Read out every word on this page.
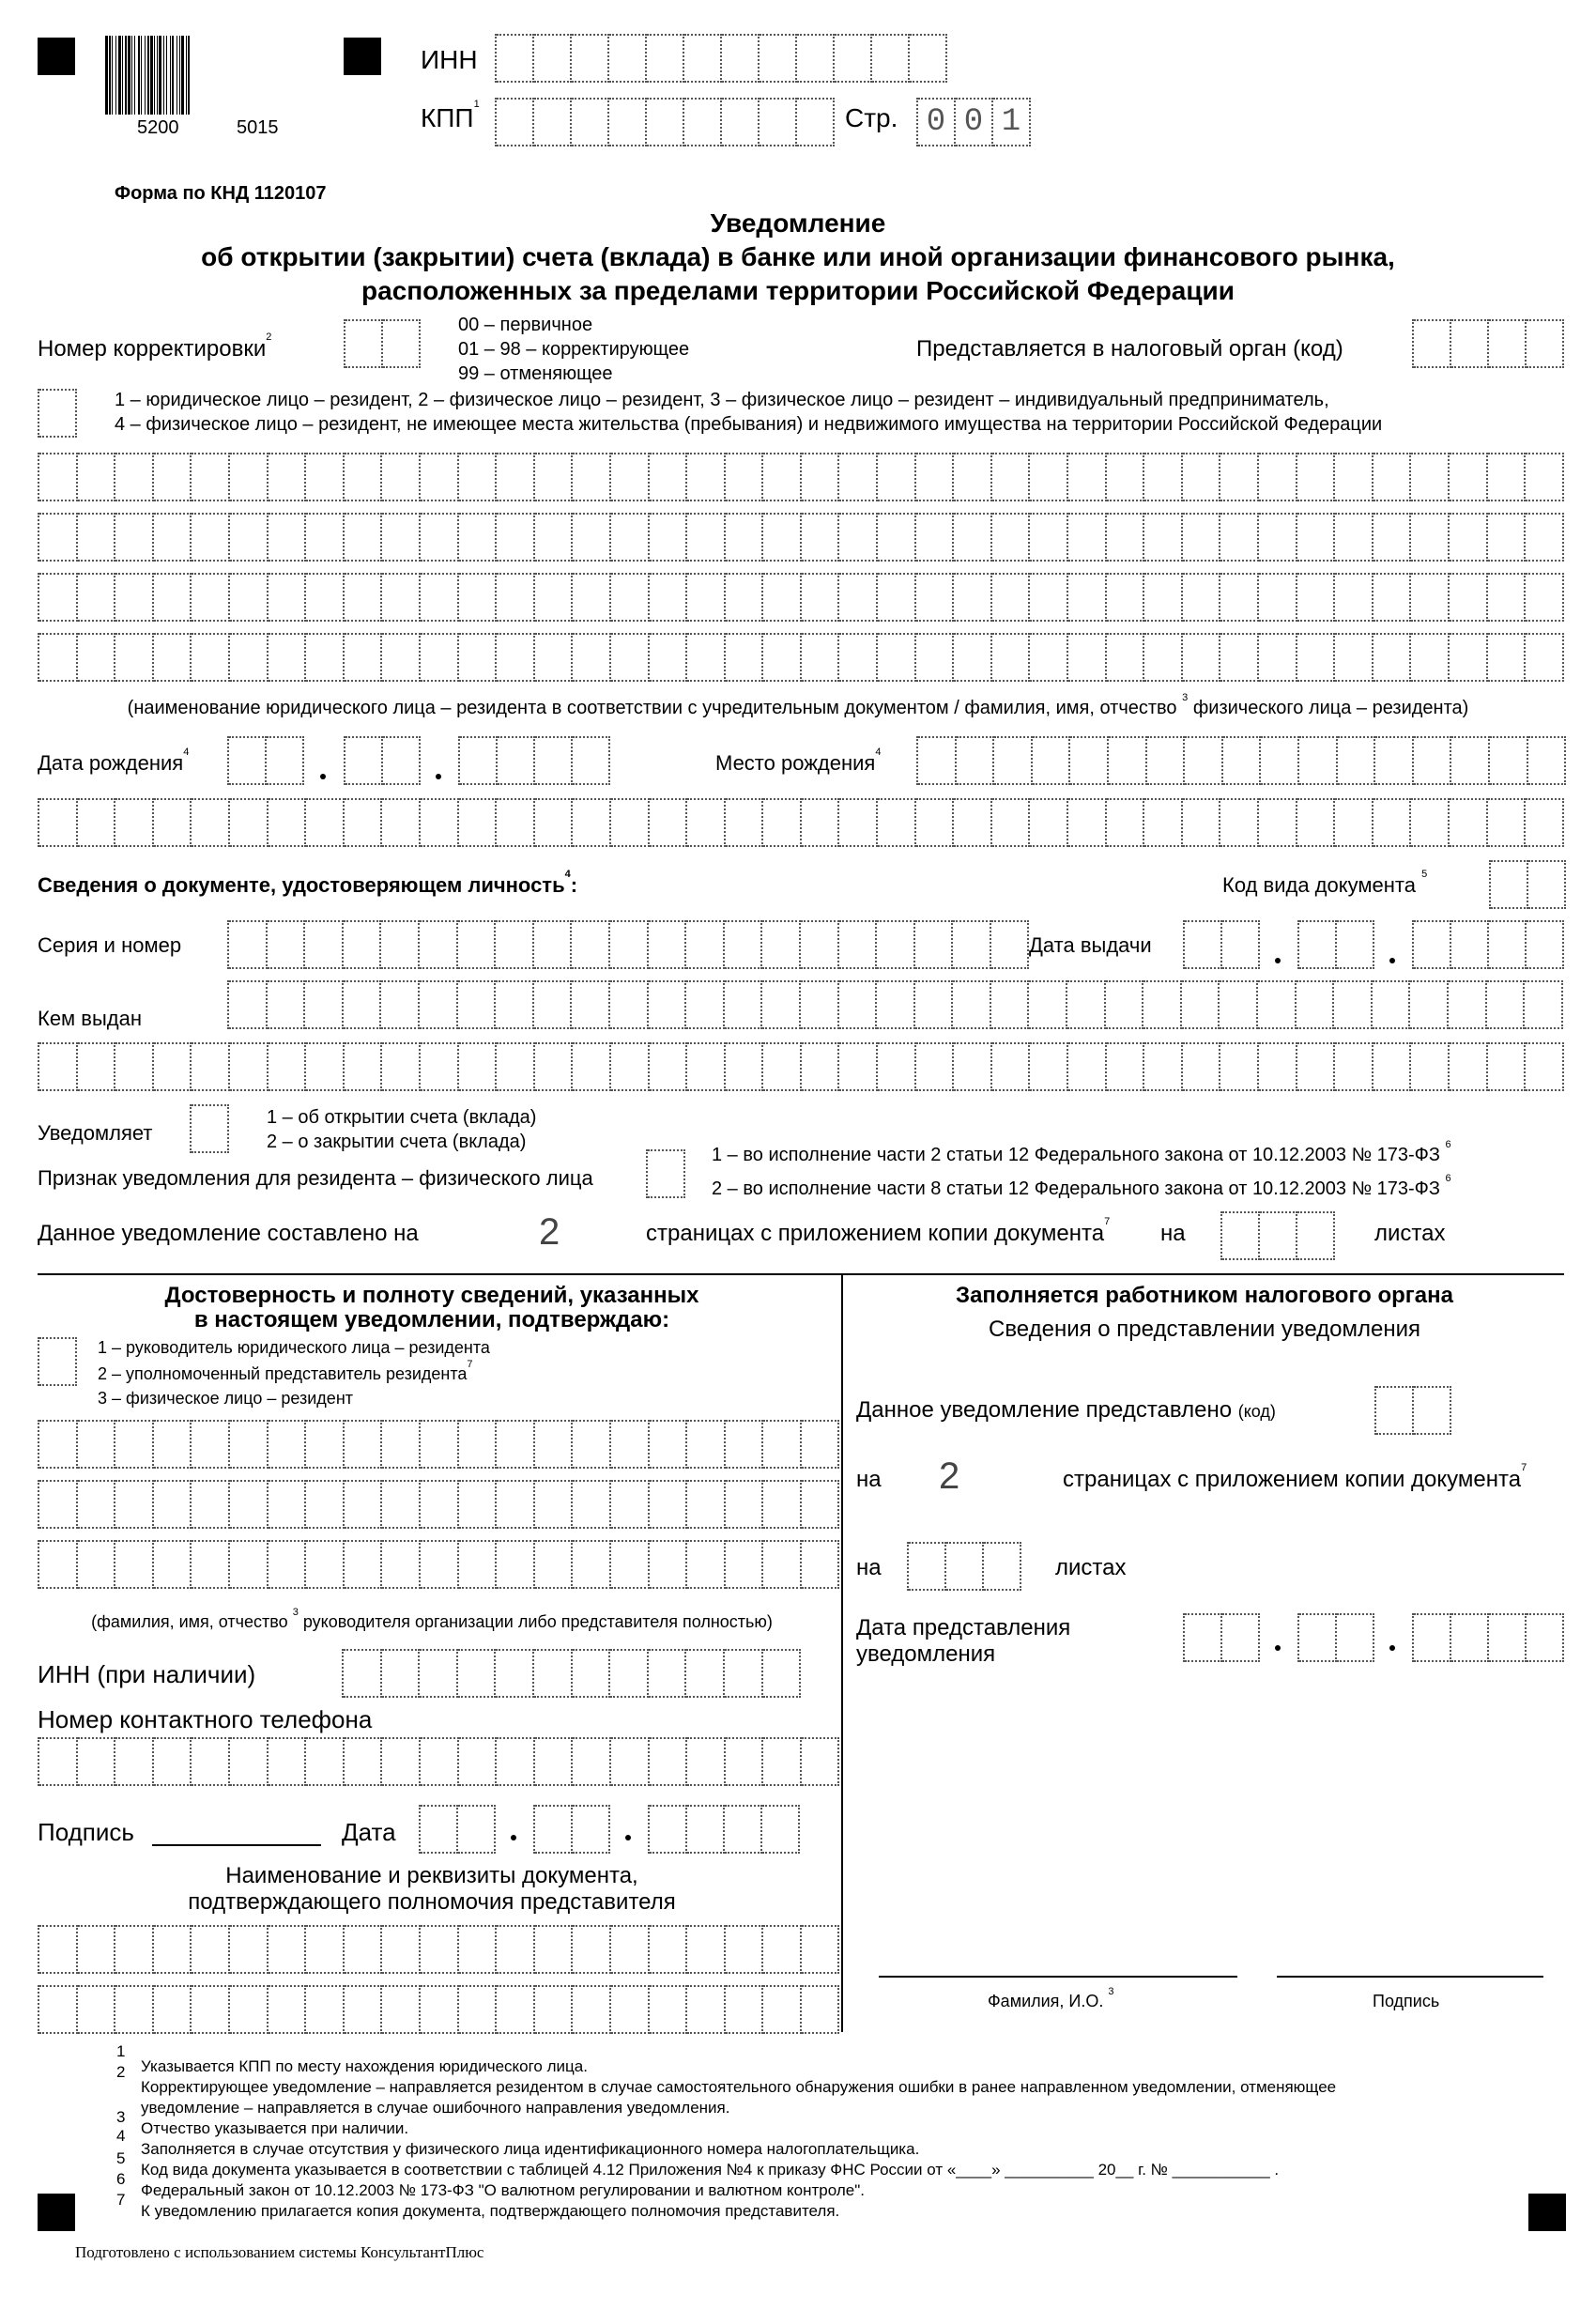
5200	5015
ИНН
КПП$^1$	Стр. 0 0 1
Форма по КНД 1120107
Уведомление
об открытии (закрытии) счета (вклада) в банке или иной организации финансового рынка,
расположенных за пределами территории Российской Федерации
Номер корректировки$^2$
00 – первичное
01 – 98 – корректирующее
99 – отменяющее
Представляется в налоговый орган (код)
1 – юридическое лицо – резидент, 2 – физическое лицо – резидент, 3 – физическое лицо – резидент – индивидуальный предприниматель,
4 – физическое лицо – резидент, не имеющее места жительства (пребывания) и недвижимого имущества на территории Российской Федерации
(наименование юридического лица – резидента в соответствии с учредительным документом / фамилия, имя, отчество $^3$ физического лица – резидента)
Дата рождения$^4$	Место рождения$^4$
Сведения о документе, удостоверяющем личность$^4$:	Код вида документа $^5$
Серия и номер	Дата выдачи
Кем выдан
Уведомляет
1 – об открытии счета (вклада)
2 – о закрытии счета (вклада)
Признак уведомления для резидента – физического лица
1 – во исполнение части 2 статьи 12 Федерального закона от 10.12.2003 № 173-ФЗ $^6$
2 – во исполнение части 8 статьи 12 Федерального закона от 10.12.2003 № 173-ФЗ $^6$
Данное уведомление составлено на	2	страницах с приложением копии документа$^7$ на	листах
Достоверность и полноту сведений, указанных
в настоящем уведомлении, подтверждаю:
1 – руководитель юридического лица – резидента
2 – уполномоченный представитель резидента$^7$
3 – физическое лицо – резидент
(фамилия, имя, отчество $^3$ руководителя организации либо представителя полностью)
ИНН (при наличии)
Номер контактного телефона
Подпись	Дата
Наименование и реквизиты документа,
подтверждающего полномочия представителя
Заполняется работником налогового органа
Сведения о представлении уведомления
Данное уведомление представлено (код)
на 2	страницах с приложением копии документа$^7$
на	листах
Дата представления
уведомления
Фамилия, И.О. $^3$	Подпись
1
2
3
4
5
6
7
Указывается КПП по месту нахождения юридического лица.
Корректирующее уведомление – направляется резидентом в случае самостоятельного обнаружения ошибки в ранее направленном уведомлении, отменяющее
уведомление – направляется в случае ошибочного направления уведомления.
Отчество указывается при наличии.
Заполняется в случае отсутствия у физического лица идентификационного номера налогоплательщика.
Код вида документа указывается в соответствии с таблицей 4.12 Приложения №4 к приказу ФНС России от «____» __________ 20__ г. № ___________ .
Федеральный закон от 10.12.2003 № 173-ФЗ "О валютном регулировании и валютном контроле".
К уведомлению прилагается копия документа, подтверждающего полномочия представителя.
Подготовлено с использованием системы КонсультантПлюс
